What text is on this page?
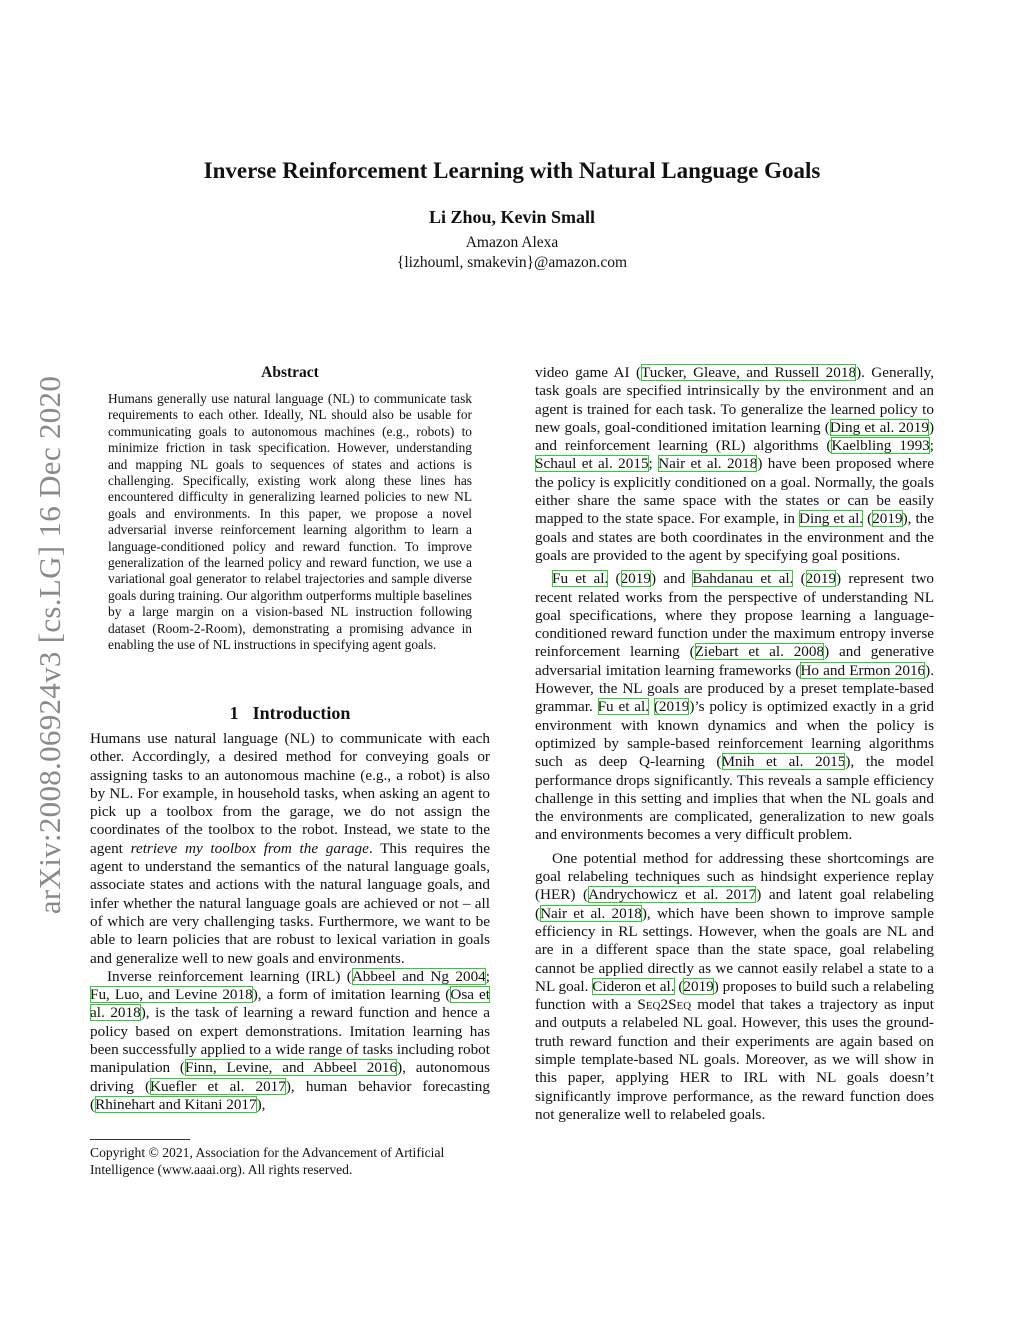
Inverse Reinforcement Learning with Natural Language Goals
Li Zhou, Kevin Small
Amazon Alexa
{lizhouml, smakevin}@amazon.com
arXiv:2008.06924v3 [cs.LG] 16 Dec 2020
Abstract

Humans generally use natural language (NL) to communicate task requirements to each other. Ideally, NL should also be usable for communicating goals to autonomous machines (e.g., robots) to minimize friction in task specification. However, understanding and mapping NL goals to sequences of states and actions is challenging. Specifically, existing work along these lines has encountered difficulty in generalizing learned policies to new NL goals and environments. In this paper, we propose a novel adversarial inverse reinforcement learning algorithm to learn a language-conditioned policy and reward function. To improve generalization of the learned policy and reward function, we use a variational goal generator to relabel trajectories and sample diverse goals during training. Our algorithm outperforms multiple baselines by a large margin on a vision-based NL instruction following dataset (Room-2-Room), demonstrating a promising advance in enabling the use of NL instructions in specifying agent goals.

1 Introduction

Humans use natural language (NL) to communicate with each other. Accordingly, a desired method for conveying goals or assigning tasks to an autonomous machine (e.g., a robot) is also by NL. For example, in household tasks, when asking an agent to pick up a toolbox from the garage, we do not assign the coordinates of the toolbox to the robot. Instead, we state to the agent retrieve my toolbox from the garage. This requires the agent to understand the semantics of the natural language goals, associate states and actions with the natural language goals, and infer whether the natural language goals are achieved or not – all of which are very challenging tasks. Furthermore, we want to be able to learn policies that are robust to lexical variation in goals and generalize well to new goals and environments.

Inverse reinforcement learning (IRL) (Abbeel and Ng 2004; Fu, Luo, and Levine 2018), a form of imitation learning (Osa et al. 2018), is the task of learning a reward function and hence a policy based on expert demonstrations. Imitation learning has been successfully applied to a wide range of tasks including robot manipulation (Finn, Levine, and Abbeel 2016), autonomous driving (Kuefler et al. 2017), human behavior forecasting (Rhinehart and Kitani 2017),

Copyright © 2021, Association for the Advancement of Artificial Intelligence (www.aaai.org). All rights reserved.

video game AI (Tucker, Gleave, and Russell 2018). Generally, task goals are specified intrinsically by the environment and an agent is trained for each task. To generalize the learned policy to new goals, goal-conditioned imitation learning (Ding et al. 2019) and reinforcement learning (RL) algorithms (Kaelbling 1993; Schaul et al. 2015; Nair et al. 2018) have been proposed where the policy is explicitly conditioned on a goal. Normally, the goals either share the same space with the states or can be easily mapped to the state space. For example, in Ding et al. (2019), the goals and states are both coordinates in the environment and the goals are provided to the agent by specifying goal positions.

Fu et al. (2019) and Bahdanau et al. (2019) represent two recent related works from the perspective of understanding NL goal specifications, where they propose learning a language-conditioned reward function under the maximum entropy inverse reinforcement learning (Ziebart et al. 2008) and generative adversarial imitation learning frameworks (Ho and Ermon 2016). However, the NL goals are produced by a preset template-based grammar. Fu et al. (2019)’s policy is optimized exactly in a grid environment with known dynamics and when the policy is optimized by sample-based reinforcement learning algorithms such as deep Q-learning (Mnih et al. 2015), the model performance drops significantly. This reveals a sample efficiency challenge in this setting and implies that when the NL goals and the environments are complicated, generalization to new goals and environments becomes a very difficult problem.

One potential method for addressing these shortcomings are goal relabeling techniques such as hindsight experience replay (HER) (Andrychowicz et al. 2017) and latent goal relabeling (Nair et al. 2018), which have been shown to improve sample efficiency in RL settings. However, when the goals are NL and are in a different space than the state space, goal relabeling cannot be applied directly as we cannot easily relabel a state to a NL goal. Cideron et al. (2019) proposes to build such a relabeling function with a Seq2Seq model that takes a trajectory as input and outputs a relabeled NL goal. However, this uses the ground-truth reward function and their experiments are again based on simple template-based NL goals. Moreover, as we will show in this paper, applying HER to IRL with NL goals doesn’t significantly improve performance, as the reward function does not generalize well to relabeled goals.
